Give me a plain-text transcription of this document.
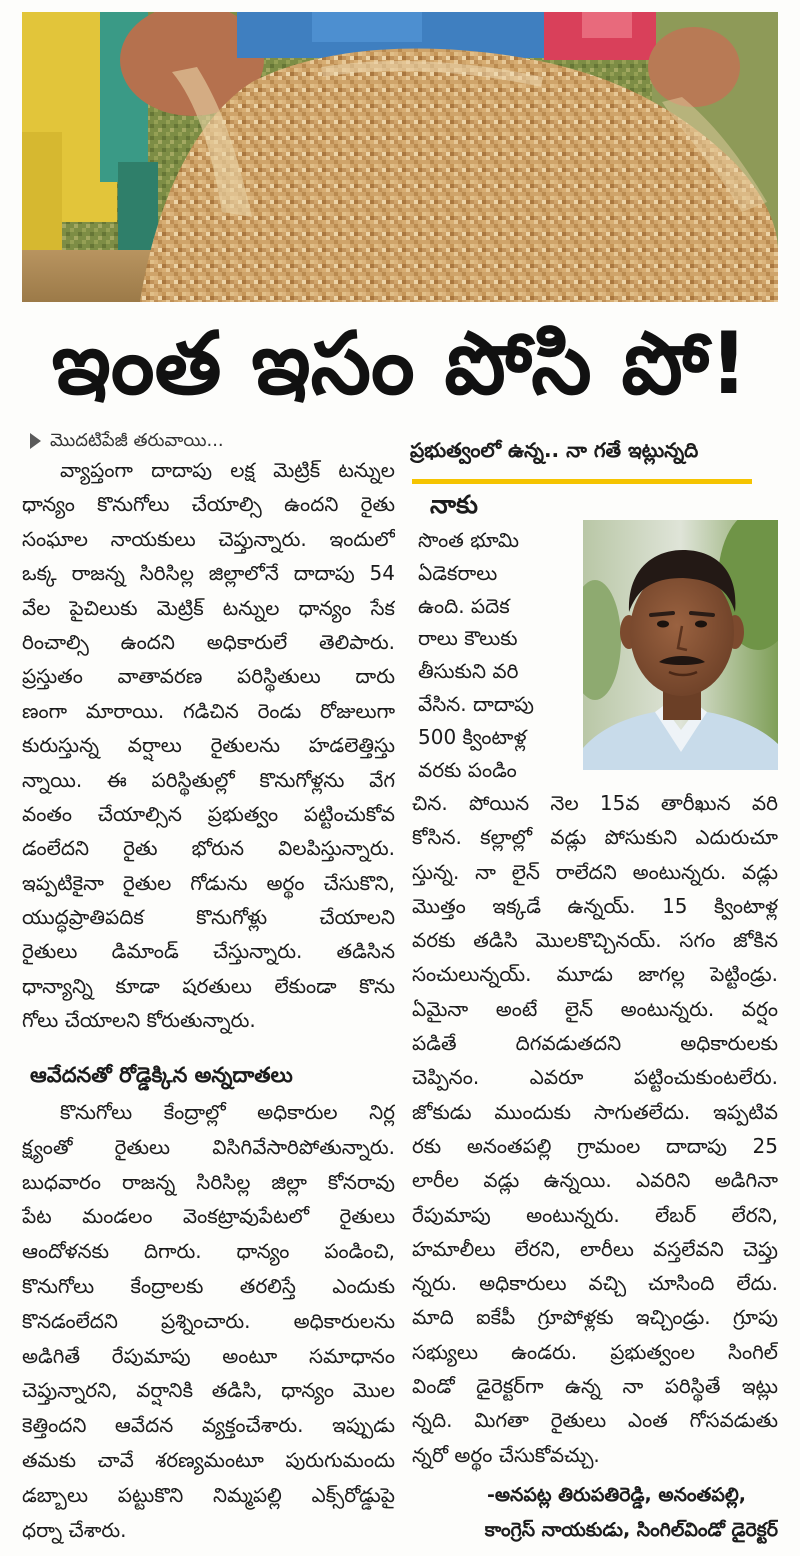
ఇంత ఇసం పోసి పో!
మొదటిపేజీ తరువాయి...
వ్యాప్తంగా దాదాపు లక్ష మెట్రిక్ టన్నుల
ధాన్యం కొనుగోలు చేయాల్సి ఉందని రైతు
సంఘాల నాయకులు చెప్తున్నారు. ఇందులో
ఒక్క రాజన్న సిరిసిల్ల జిల్లాలోనే దాదాపు 54
వేల పైచిలుకు మెట్రిక్ టన్నుల ధాన్యం సేక
రించాల్సి ఉందని అధికారులే తెలిపారు.
ప్రస్తుతం వాతావరణ పరిస్థితులు దారు
ణంగా మారాయి. గడిచిన రెండు రోజులుగా
కురుస్తున్న వర్షాలు రైతులను హడలెత్తిస్తు
న్నాయి. ఈ పరిస్థితుల్లో కొనుగోళ్లను వేగ
వంతం చేయాల్సిన ప్రభుత్వం పట్టించుకోవ
డంలేదని రైతు భోరున విలపిస్తున్నారు.
ఇప్పటికైనా రైతుల గోడును అర్థం చేసుకొని,
యుద్ధప్రాతిపదిక కొనుగోళ్లు చేయాలని
రైతులు డిమాండ్ చేస్తున్నారు. తడిసిన
ధాన్యాన్ని కూడా షరతులు లేకుండా కొను
గోలు చేయాలని కోరుతున్నారు.
ఆవేదనతో రోడ్డెక్కిన అన్నదాతలు
కొనుగోలు కేంద్రాల్లో అధికారుల నిర్ల
క్ష్యంతో రైతులు విసిగివేసారిపోతున్నారు.
బుధవారం రాజన్న సిరిసిల్ల జిల్లా కోనరావు
పేట మండలం వెంకట్రావుపేటలో రైతులు
ఆందోళనకు దిగారు. ధాన్యం పండించి,
కొనుగోలు కేంద్రాలకు తరలిస్తే ఎందుకు
కొనడంలేదని ప్రశ్నించారు. అధికారులను
అడిగితే రేపుమాపు అంటూ సమాధానం
చెప్తున్నారని, వర్షానికి తడిసి, ధాన్యం మొల
కెత్తిందని ఆవేదన వ్యక్తంచేశారు. ఇప్పుడు
తమకు చావే శరణ్యమంటూ పురుగుమందు
డబ్బాలు పట్టుకొని నిమ్మపల్లి ఎక్స్‌రోడ్డుపై
ధర్నా చేశారు.
ప్రభుత్వంలో ఉన్న.. నా గతే ఇట్లున్నది
నాకు
సొంత భూమి
ఏడెకరాలు
ఉంది. పదెక
రాలు కౌలుకు
తీసుకుని వరి
వేసిన. దాదాపు
500 క్వింటాళ్ల
వరకు పండిం
చిన. పోయిన నెల 15వ తారీఖున వరి
కోసిన. కల్లాల్లో వడ్లు పోసుకుని ఎదురుచూ
స్తున్న. నా లైన్ రాలేదని అంటున్నరు. వడ్లు
మొత్తం ఇక్కడే ఉన్నయ్. 15 క్వింటాళ్ల
వరకు తడిసి మొలకొచ్చినయ్. సగం జోకిన
సంచులున్నయ్. మూడు జాగల్ల పెట్టిండ్రు.
ఏమైనా అంటే లైన్ అంటున్నరు. వర్షం
పడితే దిగవడుతదని అధికారులకు
చెప్పినం. ఎవరూ పట్టించుకుంటలేరు.
జోకుడు ముందుకు సాగుతలేదు. ఇప్పటివ
రకు అనంతపల్లి గ్రామంల దాదాపు 25
లారీల వడ్లు ఉన్నయి. ఎవరిని అడిగినా
రేపుమాపు అంటున్నరు. లేబర్ లేరని,
హమాలీలు లేరని, లారీలు వస్తలేవని చెప్తు
న్నరు. అధికారులు వచ్చి చూసింది లేదు.
మాది ఐకేపీ గ్రూపోళ్లకు ఇచ్చిండ్రు. గ్రూపు
సభ్యులు ఉండరు. ప్రభుత్వంల సింగిల్
విండో డైరెక్టర్‌గా ఉన్న నా పరిస్థితే ఇట్లు
న్నది. మిగతా రైతులు ఎంత గోసవడుతు
న్నరో అర్థం చేసుకోవచ్చు.
-అనపట్ల తిరుపతిరెడ్డి, అనంతపల్లి,
కాంగ్రెస్ నాయకుడు, సింగిల్‌విండో డైరెక్టర్
